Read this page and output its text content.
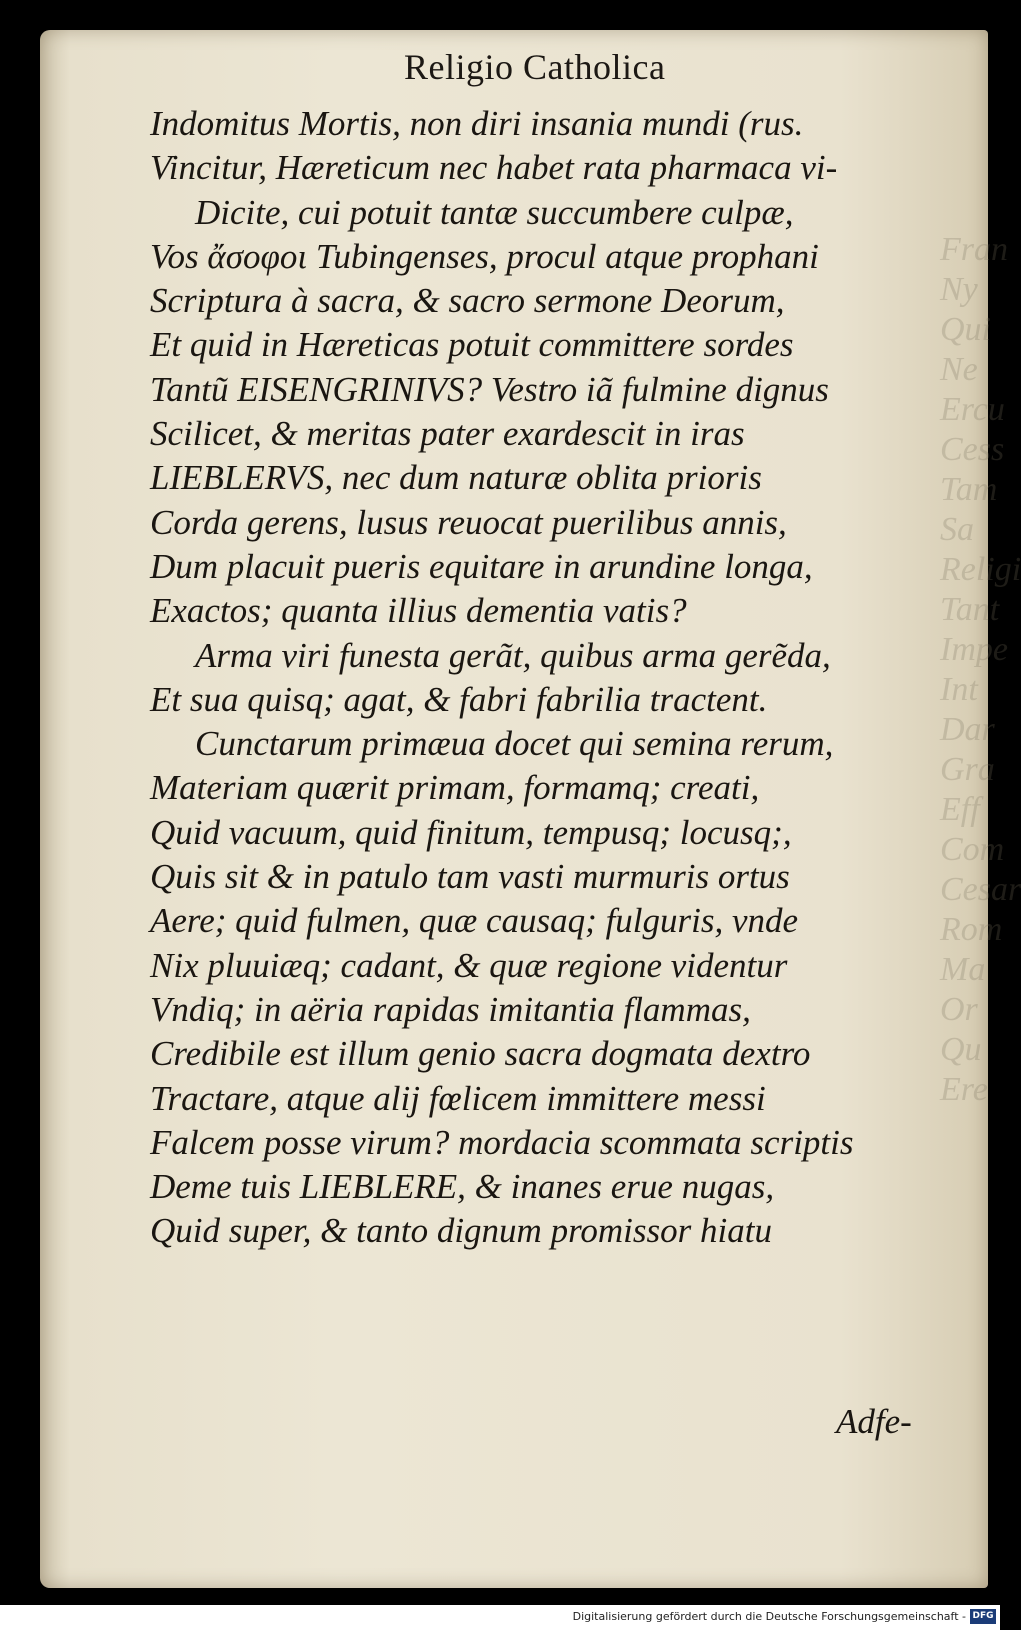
Fran
Ny
Qui
Ne
Ercu
Cess
Tam
Sa
Religi
Tant
Impe
Int
Dar
Gra
Eff
Com
Cesar
Rom
Ma
Or
Qu
Ere
Religio Catholica
Indomitus Mortis, non diri insania mundi (rus.
Vincitur, Hæreticum nec habet rata pharmaca vi-
Dicite, cui potuit tantæ succumbere culpæ,
Vos ἄσοφοι Tubingenses, procul atque prophani
Scriptura à sacra, & sacro sermone Deorum,
Et quid in Hæreticas potuit committere sordes
Tantũ EISENGRINIVS? Vestro iã fulmine dignus
Scilicet, & meritas pater exardescit in iras
LIEBLERVS, nec dum naturæ oblita prioris
Corda gerens, lusus reuocat puerilibus annis,
Dum placuit pueris equitare in arundine longa,
Exactos; quanta illius dementia vatis?
Arma viri funesta gerãt, quibus arma gerẽda,
Et sua quisq; agat, & fabri fabrilia tractent.
Cunctarum primæua docet qui semina rerum,
Materiam quærit primam, formamq; creati,
Quid vacuum, quid finitum, tempusq; locusq;,
Quis sit & in patulo tam vasti murmuris ortus
Aere; quid fulmen, quæ causaq; fulguris, vnde
Nix pluuiæq; cadant, & quæ regione videntur
Vndiq; in aëria rapidas imitantia flammas,
Credibile est illum genio sacra dogmata dextro
Tractare, atque alij fœlicem immittere messi
Falcem posse virum? mordacia scommata scriptis
Deme tuis LIEBLERE, & inanes erue nugas,
Quid super, & tanto dignum promissor hiatu
Adfe-
Digitalisierung gefördert durch die Deutsche Forschungsgemeinschaft - DFG
